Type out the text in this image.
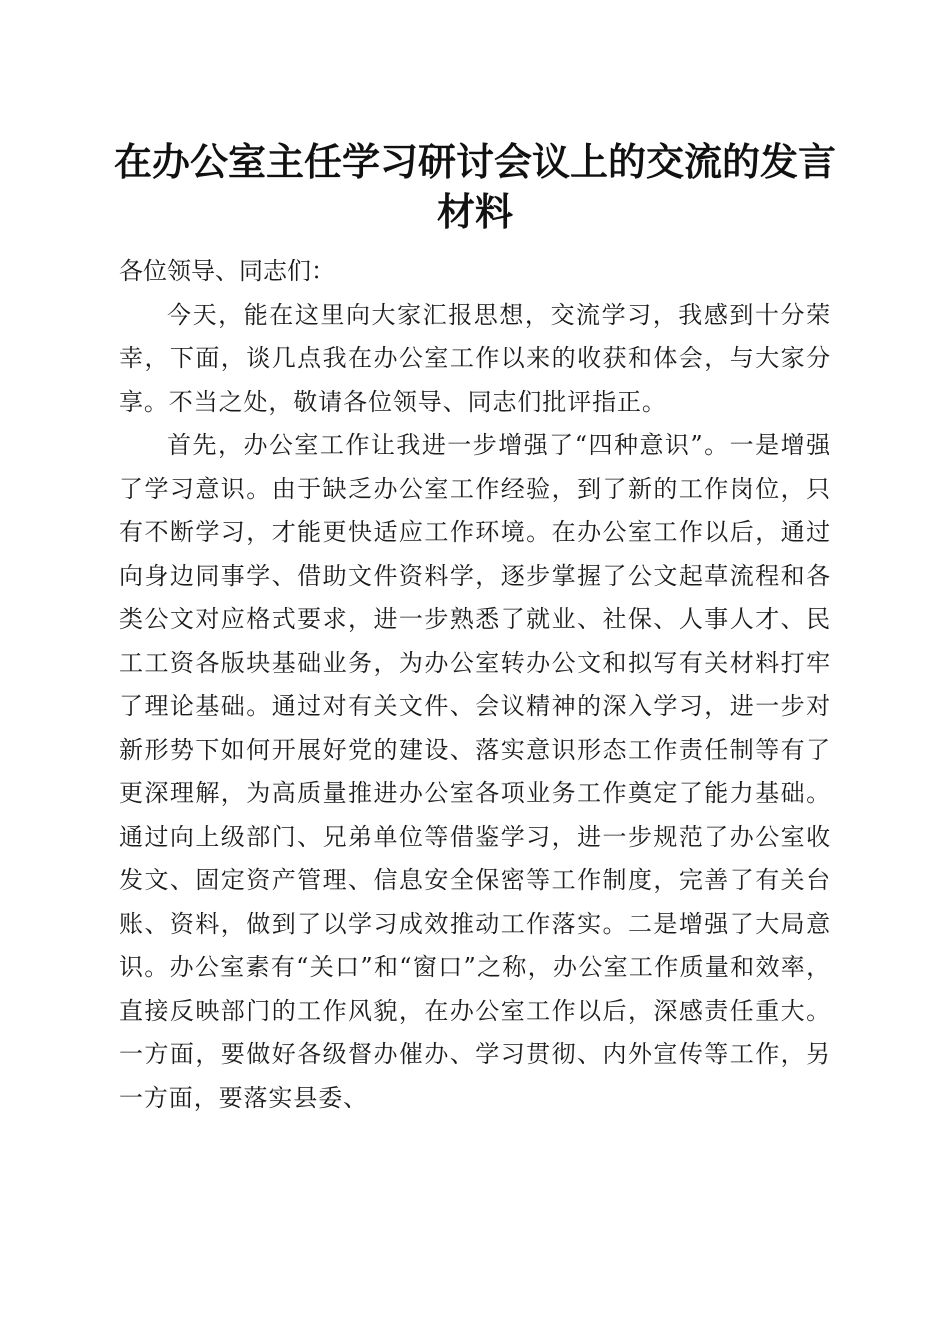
在办公室主任学习研讨会议上的交流的发言材料

各位领导、同志们：

今天，能在这里向大家汇报思想，交流学习，我感到十分荣幸，下面，谈几点我在办公室工作以来的收获和体会，与大家分享。不当之处，敬请各位领导、同志们批评指正。

首先，办公室工作让我进一步增强了“四种意识”。一是增强了学习意识。由于缺乏办公室工作经验，到了新的工作岗位，只有不断学习，才能更快适应工作环境。在办公室工作以后，通过向身边同事学、借助文件资料学，逐步掌握了公文起草流程和各类公文对应格式要求，进一步熟悉了就业、社保、人事人才、民工工资各版块基础业务，为办公室转办公文和拟写有关材料打牢了理论基础。通过对有关文件、会议精神的深入学习，进一步对新形势下如何开展好党的建设、落实意识形态工作责任制等有了更深理解，为高质量推进办公室各项业务工作奠定了能力基础。通过向上级部门、兄弟单位等借鉴学习，进一步规范了办公室收发文、固定资产管理、信息安全保密等工作制度，完善了有关台账、资料，做到了以学习成效推动工作落实。二是增强了大局意识。办公室素有“关口”和“窗口”之称，办公室工作质量和效率，直接反映部门的工作风貌，在办公室工作以后，深感责任重大。一方面，要做好各级督办催办、学习贯彻、内外宣传等工作，另一方面，要落实县委、
